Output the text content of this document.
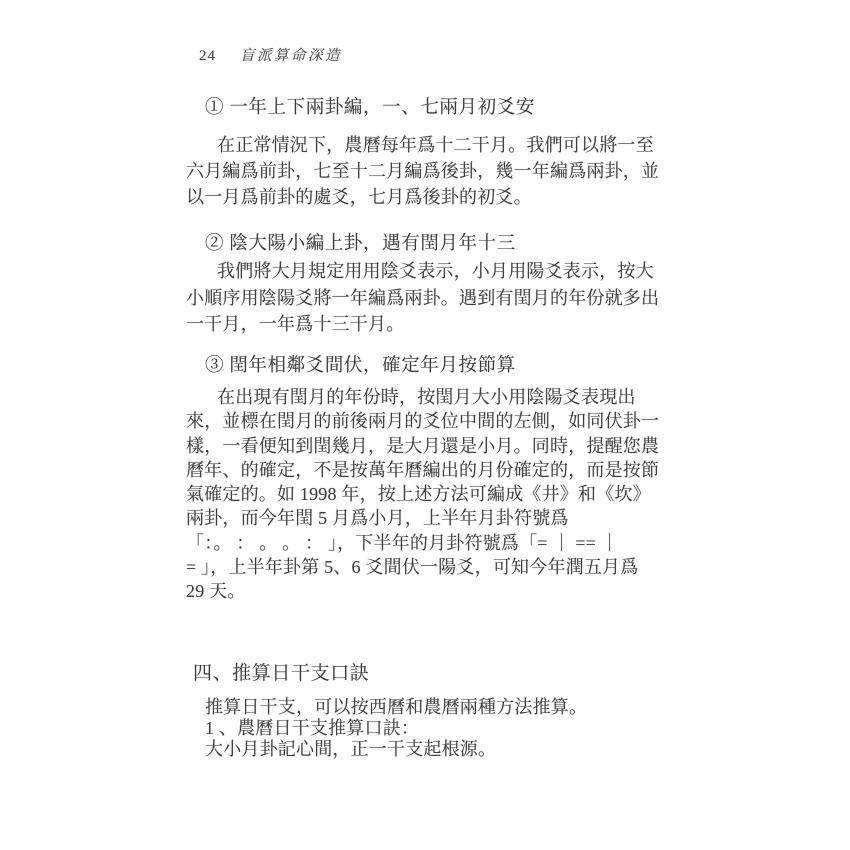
24 盲派算命深造
① 一年上下兩卦編，一、七兩月初爻安
在正常情況下，農曆每年爲十二干月。我們可以將一至
六月編爲前卦，七至十二月編爲後卦，幾一年編爲兩卦，並
以一月爲前卦的處爻，七月爲後卦的初爻。
② 陰大陽小編上卦，遇有閏月年十三
我們將大月規定用用陰爻表示，小月用陽爻表示，按大
小順序用陰陽爻將一年編爲兩卦。遇到有閏月的年份就多出
一干月，一年爲十三干月。
③ 閏年相鄰爻間伏，確定年月按節算
在出現有閏月的年份時，按閏月大小用陰陽爻表現出
來，並標在閏月的前後兩月的爻位中間的左側，如同伏卦一
樣，一看便知到閏幾月，是大月還是小月。同時，提醒您農
曆年、的確定，不是按萬年曆編出的月份確定的，而是按節
氣確定的。如 1998 年，按上述方法可編成《井》和《坎》
兩卦，而今年閏 5 月爲小月，上半年月卦符號爲
「：。 ： 。 。 ： 」，下半年的月卦符號爲「= ｜ == ｜
= 」，上半年卦第 5、6 爻間伏一陽爻，可知今年潤五月爲
29 天。
四、推算日干支口訣
推算日干支，可以按西曆和農曆兩種方法推算。
1 、農曆日干支推算口訣：
大小月卦記心間，正一干支起根源。
